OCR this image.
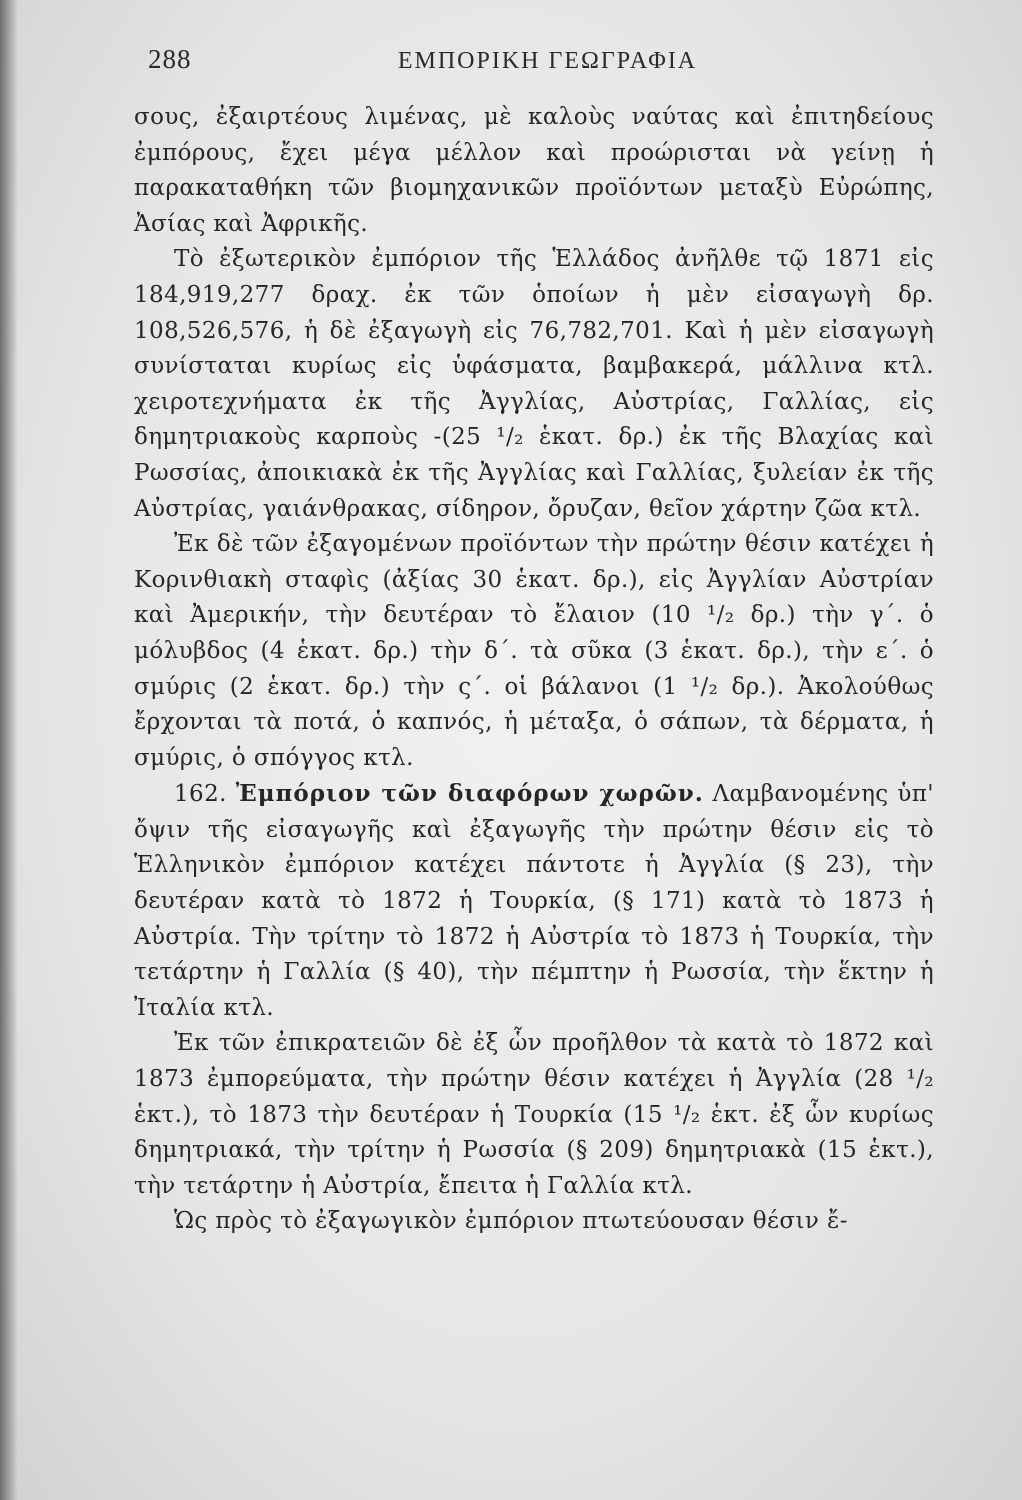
288	ΕΜΠΟΡΙΚΗ ΓΕΩΓΡΑΦΙΑ

σους, ἐξαιρτέους λιμένας, μὲ καλοὺς ναύτας καὶ ἐπιτηδείους ἐμπόρους, ἔχει μέγα μέλλον καὶ προώρισται νὰ γείνῃ ἡ παρακαταθήκη τῶν βιομηχανικῶν προϊόντων μεταξὺ Εὐρώπης, Ἀσίας καὶ Ἀφρικῆς.

Τὸ ἐξωτερικὸν ἐμπόριον τῆς Ἑλλάδος ἀνῆλθε τῷ 1871 εἰς 184,919,277 δραχ. ἐκ τῶν ὁποίων ἡ μὲν εἰσαγωγὴ δρ. 108,526,576, ἡ δὲ ἐξαγωγὴ εἰς 76,782,701. Καὶ ἡ μὲν εἰσαγωγὴ συνίσταται κυρίως εἰς ὑφάσματα, βαμβακερά, μάλλινα κτλ. χειροτεχνήματα ἐκ τῆς Ἀγγλίας, Αὐστρίας, Γαλλίας, εἰς δημητριακοὺς καρποὺς -(25 ¹/₂ ἑκατ. δρ.) ἐκ τῆς Βλαχίας καὶ Ρωσσίας, ἀποικιακὰ ἐκ τῆς Ἀγγλίας καὶ Γαλλίας, ξυλείαν ἐκ τῆς Αὐστρίας, γαιάνθρακας, σίδηρον, ὄρυζαν, θεῖον χάρτην ζῶα κτλ.

Ἐκ δὲ τῶν ἐξαγομένων προϊόντων τὴν πρώτην θέσιν κατέχει ἡ Κορινθιακὴ σταφὶς (ἀξίας 30 ἑκατ. δρ.), εἰς Ἀγγλίαν Αὐστρίαν καὶ Ἀμερικήν, τὴν δευτέραν τὸ ἔλαιον (10 ¹/₂ δρ.) τὴν γ΄. ὁ μόλυβδος (4 ἑκατ. δρ.) τὴν δ΄. τὰ σῦκα (3 ἑκατ. δρ.), τὴν ε΄. ὁ σμύρις (2 ἑκατ. δρ.) τὴν ς΄. οἱ βάλανοι (1 ¹/₂ δρ.). Ἀκολούθως ἔρχονται τὰ ποτά, ὁ καπνός, ἡ μέταξα, ὁ σάπων, τὰ δέρματα, ἡ σμύρις, ὁ σπόγγος κτλ.

162. Ἐμπόριον τῶν διαφόρων χωρῶν. Λαμβανομένης ὑπ' ὄψιν τῆς εἰσαγωγῆς καὶ ἐξαγωγῆς τὴν πρώτην θέσιν εἰς τὸ Ἑλληνικὸν ἐμπόριον κατέχει πάντοτε ἡ Ἀγγλία (§ 23), τὴν δευτέραν κατὰ τὸ 1872 ἡ Τουρκία, (§ 171) κατὰ τὸ 1873 ἡ Αὐστρία. Τὴν τρίτην τὸ 1872 ἡ Αὐστρία τὸ 1873 ἡ Τουρκία, τὴν τετάρτην ἡ Γαλλία (§ 40), τὴν πέμπτην ἡ Ρωσσία, τὴν ἕκτην ἡ Ἰταλία κτλ.

Ἐκ τῶν ἐπικρατειῶν δὲ ἐξ ὧν προῆλθον τὰ κατὰ τὸ 1872 καὶ 1873 ἐμπορεύματα, τὴν πρώτην θέσιν κατέχει ἡ Ἀγγλία (28 ¹/₂ ἑκτ.), τὸ 1873 τὴν δευτέραν ἡ Τουρκία (15 ¹/₂ ἑκτ. ἐξ ὧν κυρίως δημητριακά, τὴν τρίτην ἡ Ρωσσία (§ 209) δημητριακὰ (15 ἑκτ.), τὴν τετάρτην ἡ Αὐστρία, ἔπειτα ἡ Γαλλία κτλ.

Ὡς πρὸς τὸ ἐξαγωγικὸν ἐμπόριον πτωτεύουσαν θέσιν ἔ-
